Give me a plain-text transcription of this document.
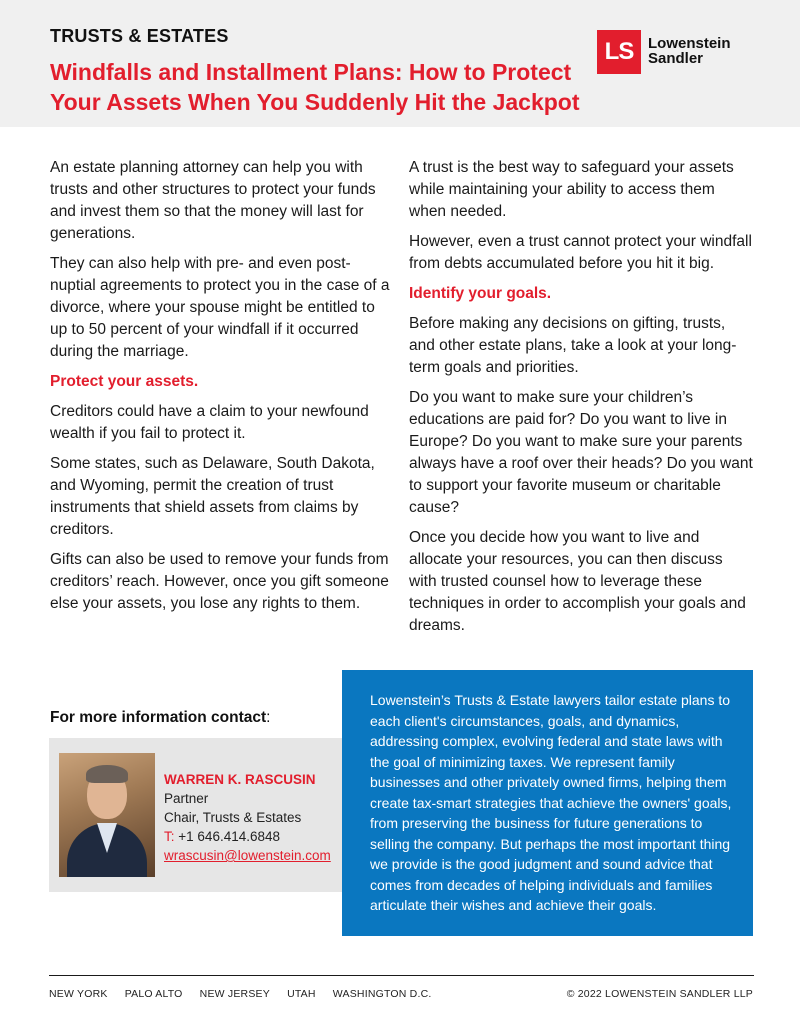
TRUSTS & ESTATES
Windfalls and Installment Plans: How to Protect
Your Assets When You Suddenly Hit the Jackpot
LS Lowenstein
Sandler

An estate planning attorney can help you with trusts and other structures to protect your funds and invest them so that the money will last for generations.

They can also help with pre- and even post-nuptial agreements to protect you in the case of a divorce, where your spouse might be entitled to up to 50 percent of your windfall if it occurred during the marriage.

Protect your assets.

Creditors could have a claim to your newfound wealth if you fail to protect it.

Some states, such as Delaware, South Dakota, and Wyoming, permit the creation of trust instruments that shield assets from claims by creditors.

Gifts can also be used to remove your funds from creditors’ reach. However, once you gift someone else your assets, you lose any rights to them.

A trust is the best way to safeguard your assets while maintaining your ability to access them when needed.

However, even a trust cannot protect your windfall from debts accumulated before you hit it big.

Identify your goals.

Before making any decisions on gifting, trusts, and other estate plans, take a look at your long-term goals and priorities.

Do you want to make sure your children’s educations are paid for? Do you want to live in Europe? Do you want to make sure your parents always have a roof over their heads? Do you want to support your favorite museum or charitable cause?

Once you decide how you want to live and allocate your resources, you can then discuss with trusted counsel how to leverage these techniques in order to accomplish your goals and dreams.

For more information contact:
WARREN K. RASCUSIN
Partner
Chair, Trusts & Estates
T: +1 646.414.6848
wrascusin@lowenstein.com

Lowenstein’s Trusts & Estate lawyers tailor estate plans to each client's circumstances, goals, and dynamics, addressing complex, evolving federal and state laws with the goal of minimizing taxes. We represent family businesses and other privately owned firms, helping them create tax-smart strategies that achieve the owners' goals, from preserving the business for future generations to selling the company. But perhaps the most important thing we provide is the good judgment and sound advice that comes from decades of helping individuals and families articulate their wishes and achieve their goals.

NEW YORK PALO ALTO NEW JERSEY UTAH WASHINGTON D.C.	© 2022 LOWENSTEIN SANDLER LLP
